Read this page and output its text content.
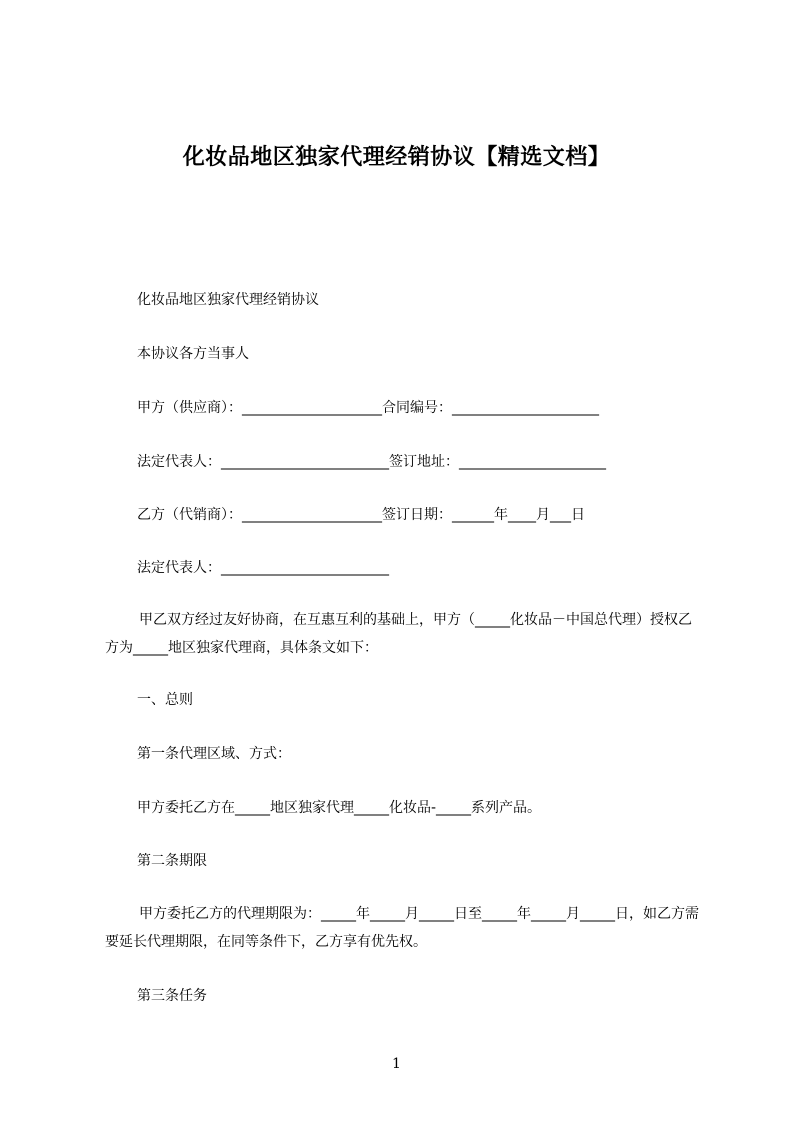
化妆品地区独家代理经销协议【精选文档】
化妆品地区独家代理经销协议
本协议各方当事人
甲方（供应商）：____________________合同编号：_____________________
法定代表人：________________________签订地址：_____________________
乙方（代销商）：____________________签订日期：______年____月___日
法定代表人：________________________
甲乙双方经过友好协商，在互惠互利的基础上，甲方（_____化妆品－中国总代理）授权乙方为_____地区独家代理商，具体条文如下：
一、总则
第一条代理区域、方式：
甲方委托乙方在_____地区独家代理_____化妆品-_____系列产品。
第二条期限
甲方委托乙方的代理期限为：_____年_____月_____日至_____年_____月_____日，如乙方需要延长代理期限，在同等条件下，乙方享有优先权。
第三条任务
1
